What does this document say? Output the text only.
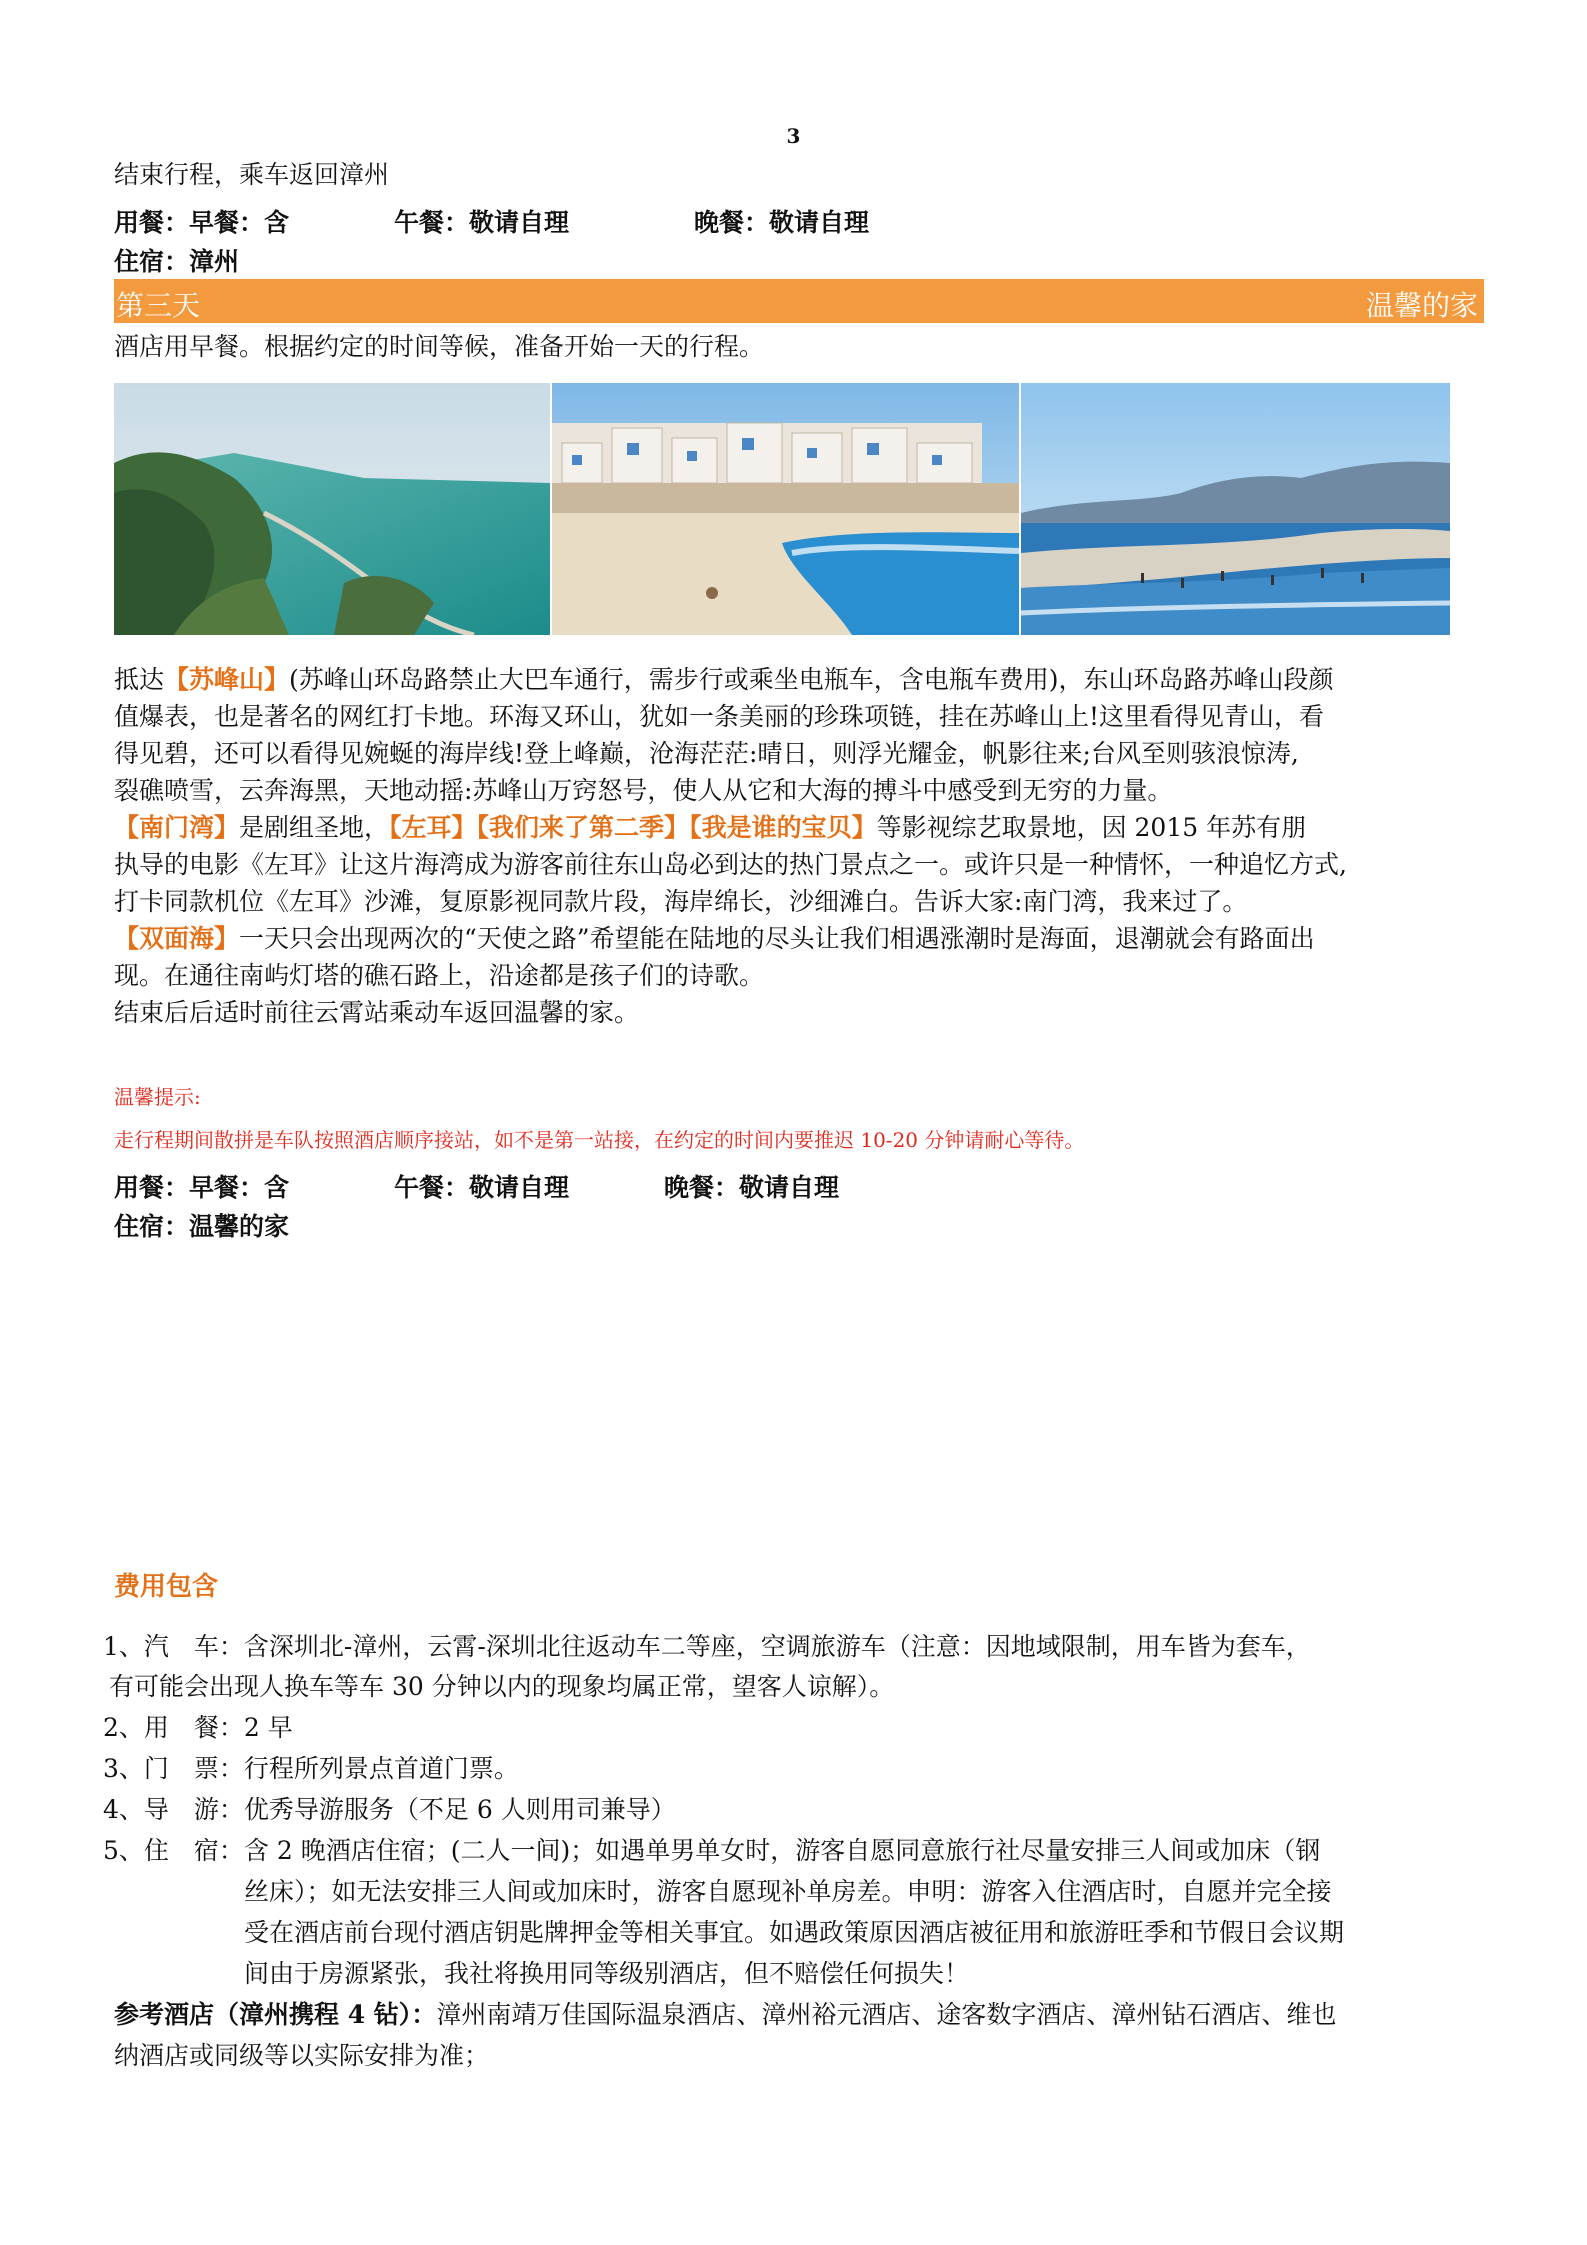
3
结束行程，乘车返回漳州
用餐：早餐：含	午餐：敬请自理	晚餐：敬请自理
住宿：漳州
第三天	温馨的家
酒店用早餐。根据约定的时间等候，准备开始一天的行程。
抵达【苏峰山】(苏峰山环岛路禁止大巴车通行，需步行或乘坐电瓶车，含电瓶车费用)，东山环岛路苏峰山段颜
值爆表，也是著名的网红打卡地。环海又环山，犹如一条美丽的珍珠项链，挂在苏峰山上!这里看得见青山，看
得见碧，还可以看得见婉蜒的海岸线!登上峰巅，沧海茫茫:晴日，则浮光耀金，帆影往来;台风至则骇浪惊涛,
裂礁喷雪，云奔海黑，天地动摇:苏峰山万窍怒号，使人从它和大海的搏斗中感受到无穷的力量。
【南门湾】是剧组圣地，【左耳】【我们来了第二季】【我是谁的宝贝】等影视综艺取景地，因 2015 年苏有朋
执导的电影《左耳》让这片海湾成为游客前往东山岛必到达的热门景点之一。或许只是一种情怀，一种追忆方式,
打卡同款机位《左耳》沙滩，复原影视同款片段，海岸绵长，沙细滩白。告诉大家:南门湾，我来过了。
【双面海】一天只会出现两次的“天使之路”希望能在陆地的尽头让我们相遇涨潮时是海面，退潮就会有路面出
现。在通往南屿灯塔的礁石路上，沿途都是孩子们的诗歌。
结束后后适时前往云霄站乘动车返回温馨的家。
温馨提示:
走行程期间散拼是车队按照酒店顺序接站，如不是第一站接，在约定的时间内要推迟 10-20 分钟请耐心等待。
用餐：早餐：含	午餐：敬请自理	晚餐：敬请自理
住宿：温馨的家
费用包含
1、汽　车：含深圳北-漳州，云霄-深圳北往返动车二等座，空调旅游车（注意：因地域限制，用车皆为套车，
有可能会出现人换车等车 30 分钟以内的现象均属正常，望客人谅解）。
2、用　餐：2 早
3、门　票：行程所列景点首道门票。
4、导　游：优秀导游服务（不足 6 人则用司兼导）
5、住　宿：含 2 晚酒店住宿；(二人一间)；如遇单男单女时，游客自愿同意旅行社尽量安排三人间或加床（钢
丝床）；如无法安排三人间或加床时，游客自愿现补单房差。申明：游客入住酒店时，自愿并完全接
受在酒店前台现付酒店钥匙牌押金等相关事宜。如遇政策原因酒店被征用和旅游旺季和节假日会议期
间由于房源紧张，我社将换用同等级别酒店，但不赔偿任何损失！
参考酒店（漳州携程 4 钻）：漳州南靖万佳国际温泉酒店、漳州裕元酒店、途客数字酒店、漳州钻石酒店、维也
纳酒店或同级等以实际安排为准；
